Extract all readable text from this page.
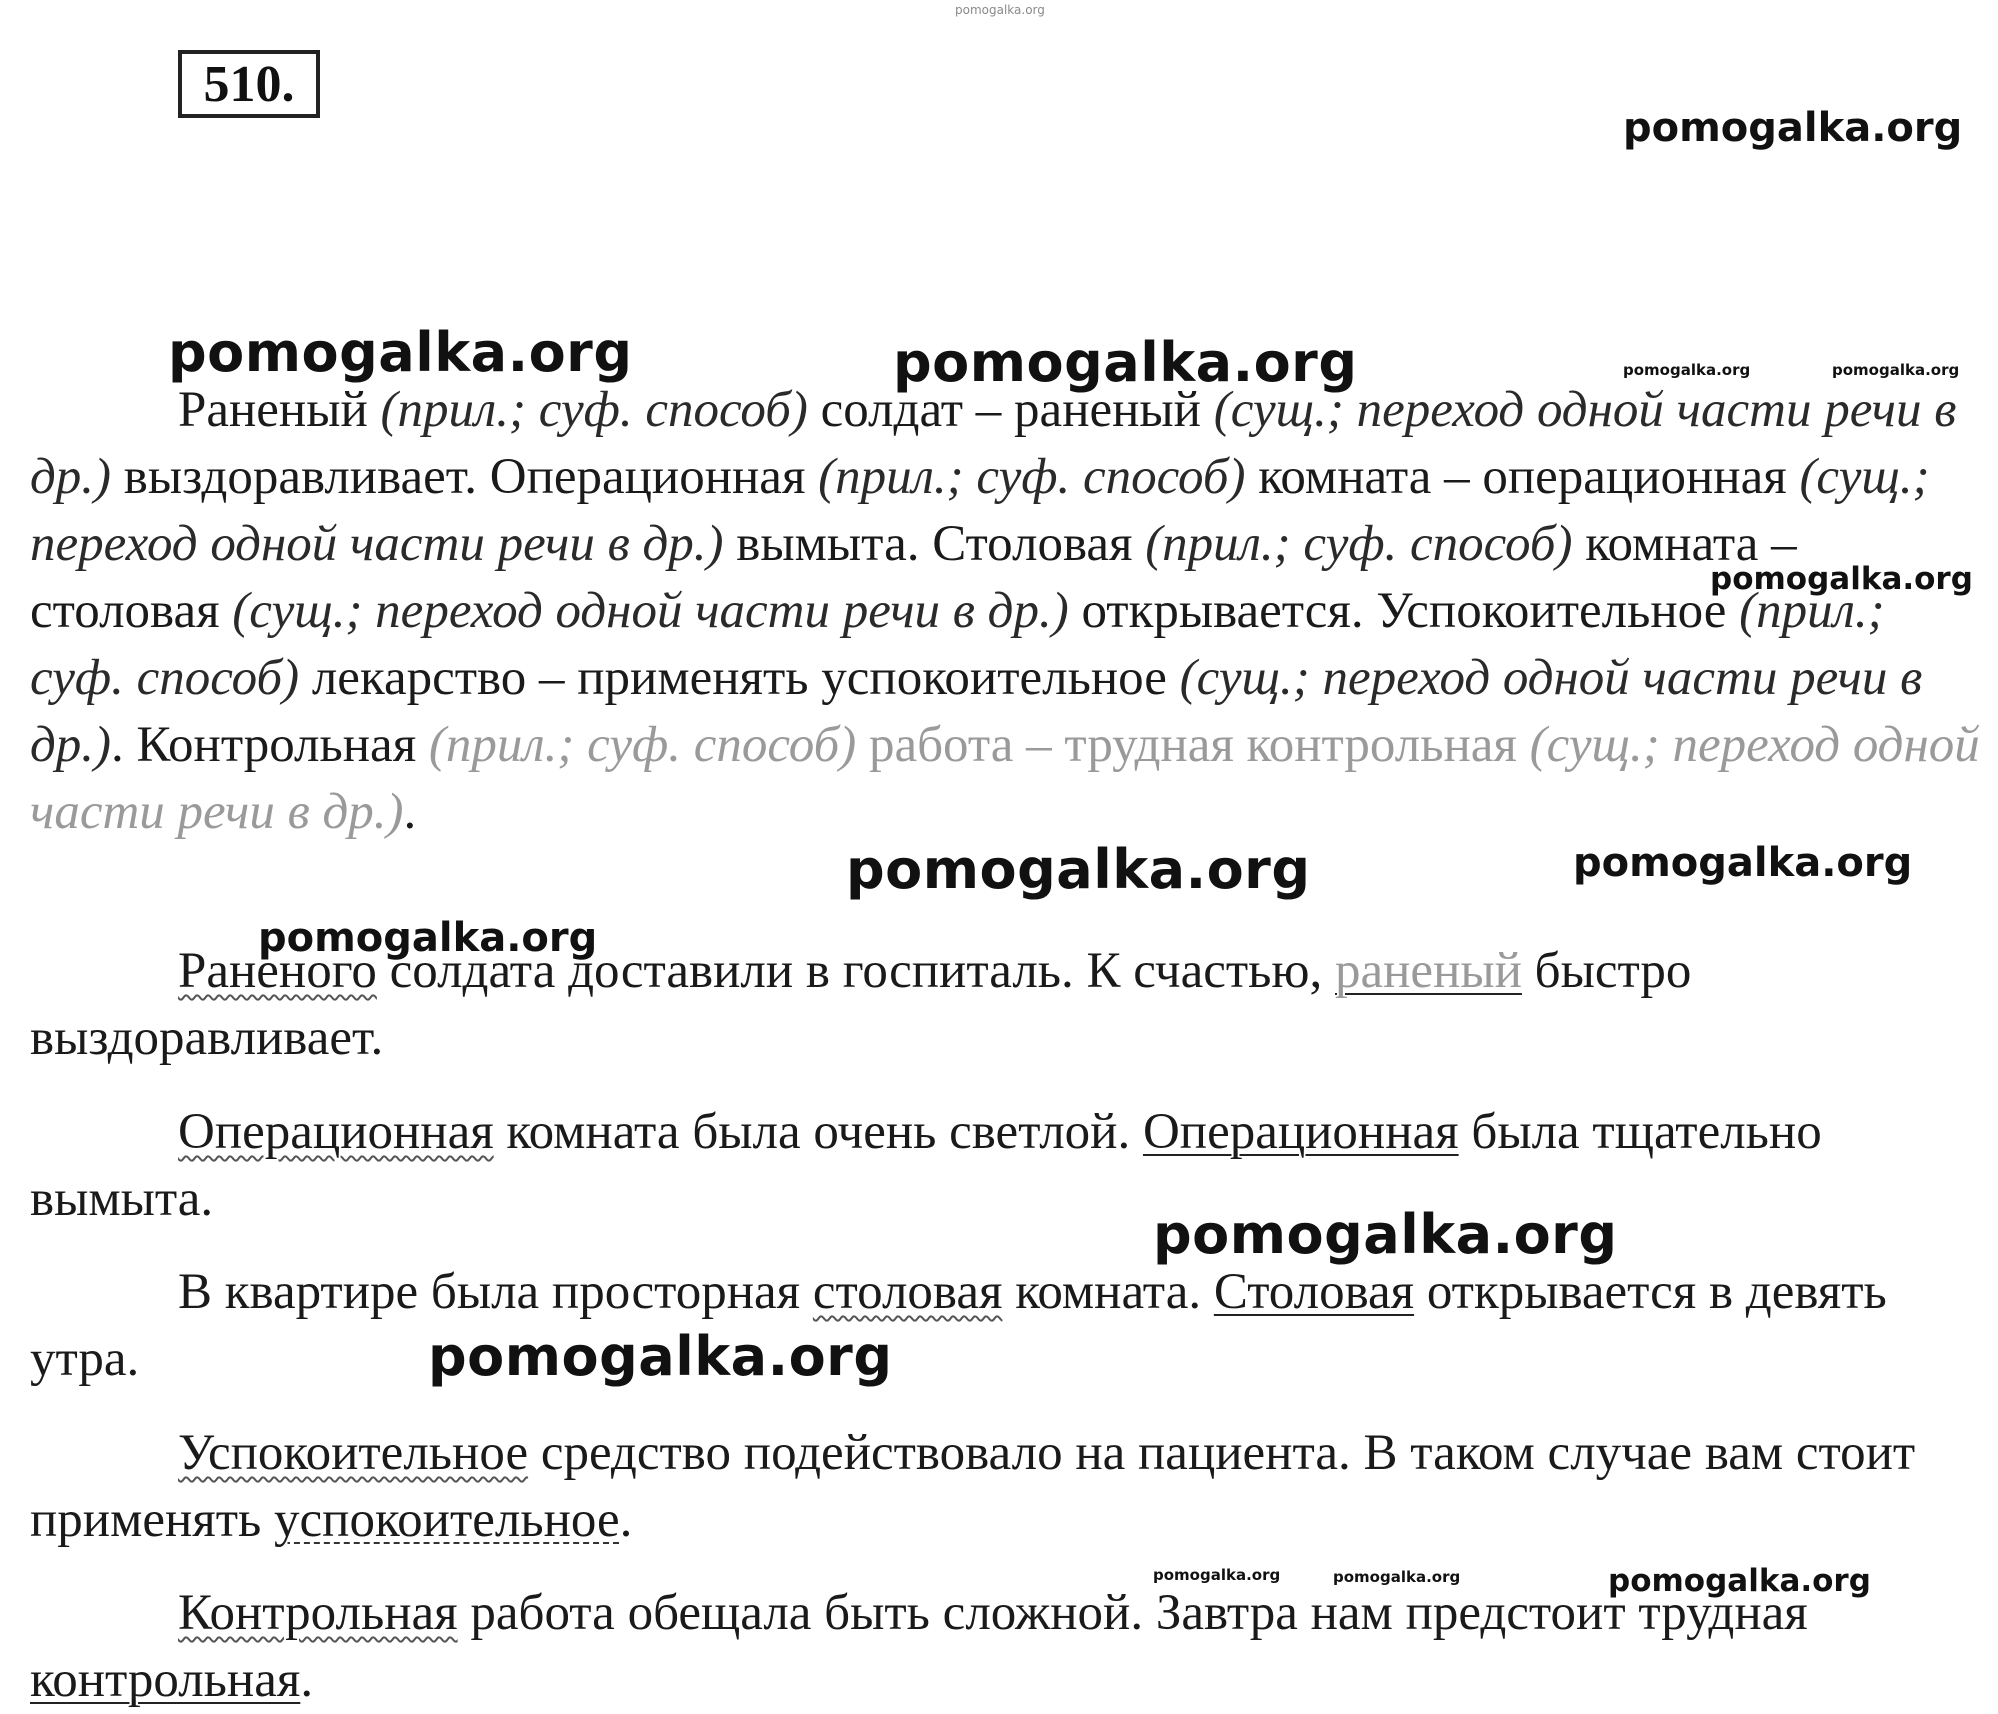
pomogalka.org
510.
pomogalka.org
pomogalka.org	pomogalka.org	pomogalka.org	pomogalka.org

Раненый (прил.; суф. способ) солдат – раненый (сущ.; переход одной части речи в др.) выздоравливает. Операционная (прил.; суф. способ) комната – операционная (сущ.; переход одной части речи в др.) вымыта. Столовая (прил.; суф. способ) комната – столовая (сущ.; переход одной части речи в др.) открывается. Успокоительное (прил.; суф. способ) лекарство – применять успокоительное (сущ.; переход одной части речи в др.). Контрольная (прил.; суф. способ) работа – трудная контрольная (сущ.; переход одной части речи в др.).

pomogalka.org
pomogalka.org	pomogalka.org
pomogalka.org

Раненого солдата доставили в госпиталь. К счастью, раненый быстро выздоравливает.

Операционная комната была очень светлой. Операционная была тщательно вымыта.

pomogalka.org

В квартире была просторная столовая комната. Столовая открывается в девять утра.	pomogalka.org

Успокоительное средство подействовало на пациента. В таком случае вам стоит применять успокоительное.

pomogalka.org	pomogalka.org	pomogalka.org

Контрольная работа обещала быть сложной. Завтра нам предстоит трудная контрольная.
